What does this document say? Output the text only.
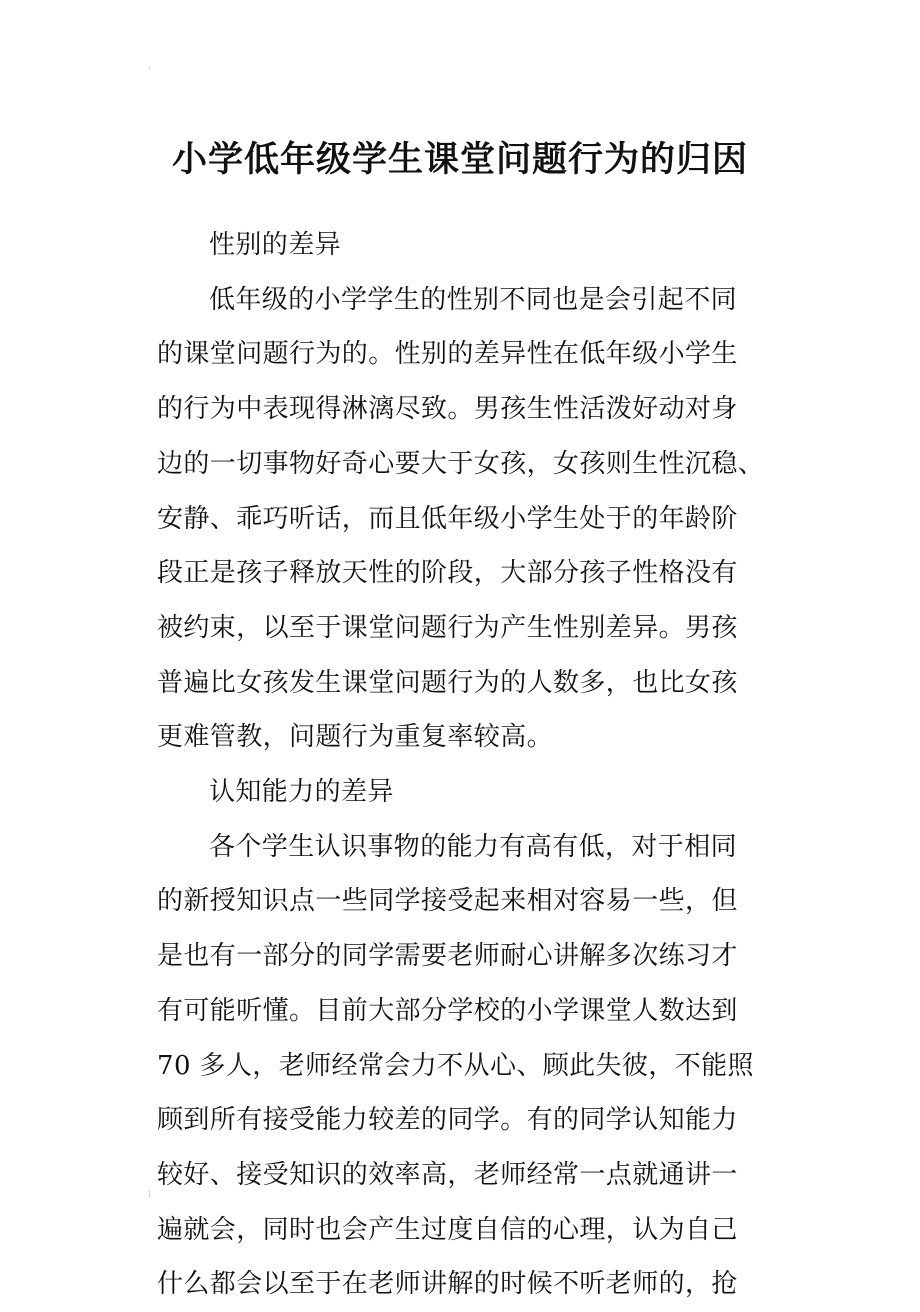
'
小学低年级学生课堂问题行为的归因

性别的差异

低年级的小学学生的性别不同也是会引起不同
的课堂问题行为的。性别的差异性在低年级小学生
的行为中表现得淋漓尽致。男孩生性活泼好动对身
边的一切事物好奇心要大于女孩，女孩则生性沉稳、
安静、乖巧听话，而且低年级小学生处于的年龄阶
段正是孩子释放天性的阶段，大部分孩子性格没有
被约束，以至于课堂问题行为产生性别差异。男孩
普遍比女孩发生课堂问题行为的人数多，也比女孩
更难管教，问题行为重复率较高。

认知能力的差异

各个学生认识事物的能力有高有低，对于相同
的新授知识点一些同学接受起来相对容易一些，但
是也有一部分的同学需要老师耐心讲解多次练习才
有可能听懂。目前大部分学校的小学课堂人数达到
70 多人，老师经常会力不从心、顾此失彼，不能照
顾到所有接受能力较差的同学。有的同学认知能力
较好、接受知识的效率高，老师经常一点就通讲一
遍就会，同时也会产生过度自信的心理，认为自己
什么都会以至于在老师讲解的时候不听老师的，抢

⁞
